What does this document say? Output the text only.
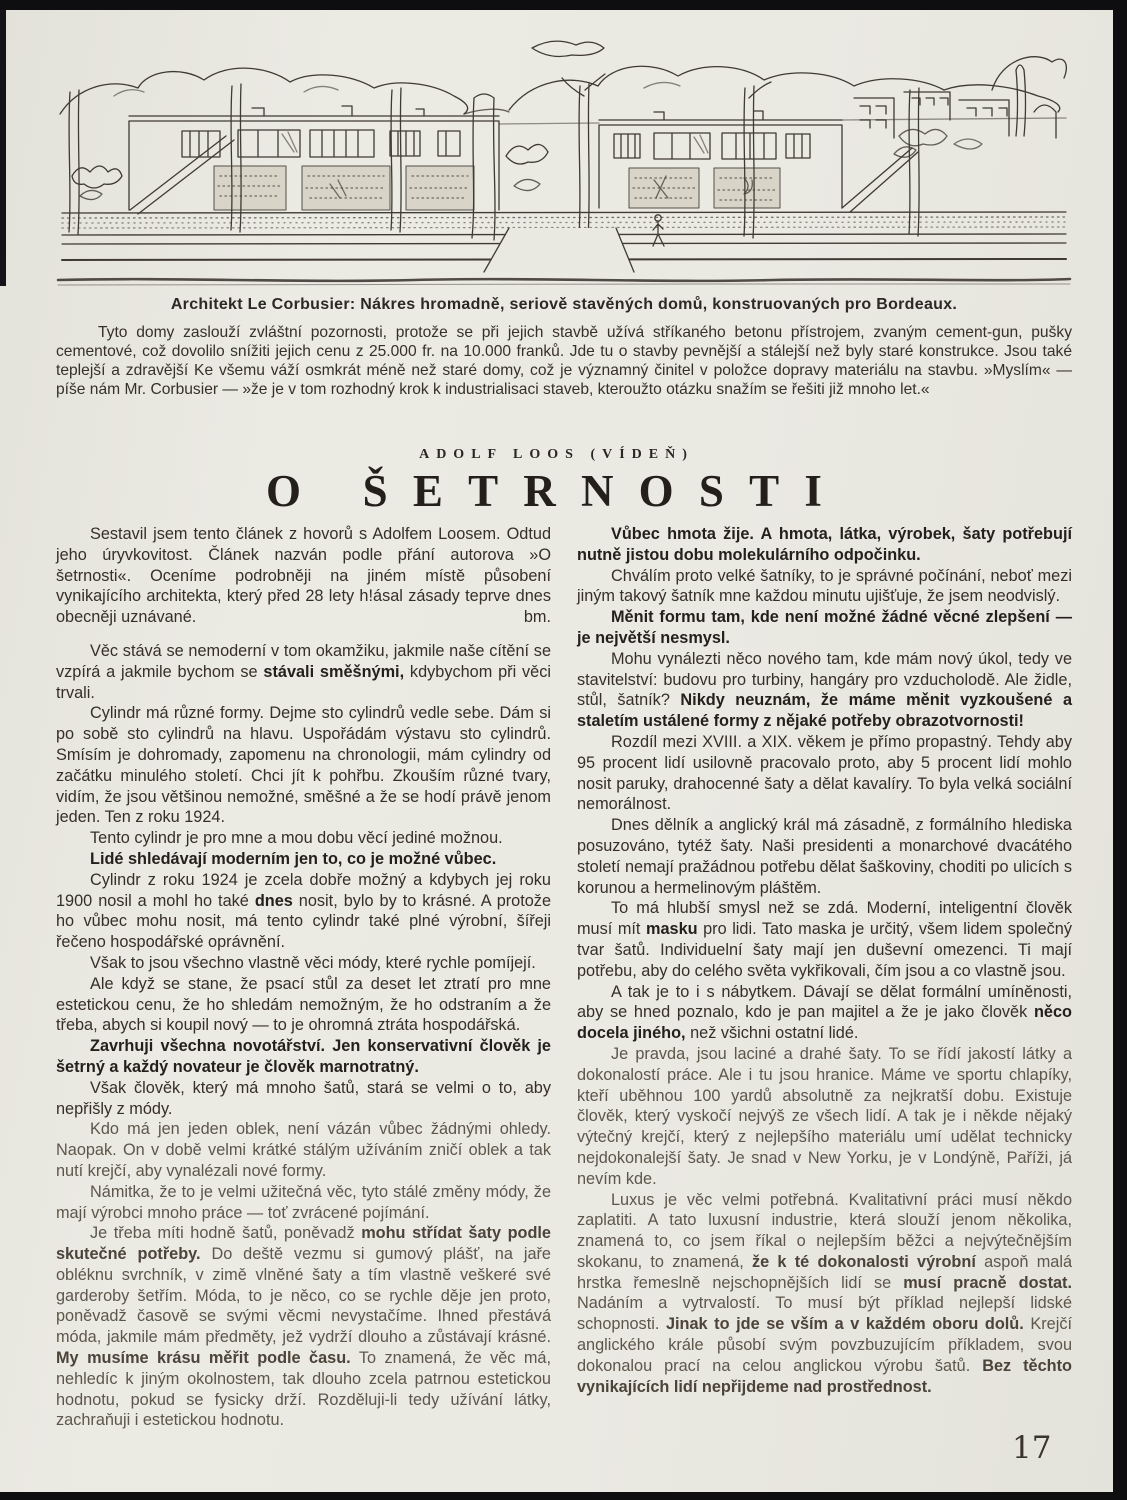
Architekt Le Corbusier: Nákres hromadně, seriově stavěných domů, konstruovaných pro Bordeaux.

Tyto domy zaslouží zvláštní pozornosti, protože se při jejich stavbě užívá stříkaného betonu přístrojem, zvaným cement-gun, pušky cementové, což dovolilo snížiti jejich cenu z 25.000 fr. na 10.000 franků. Jde tu o stavby pevnější a stálejší než byly staré konstrukce. Jsou také teplejší a zdravější Ke všemu váží osmkrát méně než staré domy, což je významný činitel v položce dopravy materiálu na stavbu. »Myslím« — píše nám Mr. Corbusier — »že je v tom rozhodný krok k industrialisaci staveb, kteroužto otázku snažím se řešiti již mnoho let.«

ADOLF LOOS (VÍDEŇ)
O ŠETRNOSTI

Sestavil jsem tento článek z hovorů s Adolfem Loosem. Odtud jeho úryvkovitost. Článek nazván podle přání autorova »O šetrnosti«. Oceníme podrobněji na jiném místě působení vynikajícího architekta, který před 28 lety h!ásal zásady teprve dnes obecněji uznávané.	bm.

Věc stává se nemoderní v tom okamžiku, jakmile naše cítění se vzpírá a jakmile bychom se stávali směšnými, kdybychom při věci trvali.

Cylindr má různé formy. Dejme sto cylindrů vedle sebe. Dám si po sobě sto cylindrů na hlavu. Uspořádám výstavu sto cylindrů. Smísím je dohromady, zapomenu na chronologii, mám cylindry od začátku minulého století. Chci jít k pohřbu. Zkouším různé tvary, vidím, že jsou většinou nemožné, směšné a že se hodí právě jenom jeden. Ten z roku 1924.

Tento cylindr je pro mne a mou dobu věcí jediné možnou.

Lidé shledávají moderním jen to, co je možné vůbec.

Cylindr z roku 1924 je zcela dobře možný a kdybych jej roku 1900 nosil a mohl ho také dnes nosit, bylo by to krásné. A protože ho vůbec mohu nosit, má tento cylindr také plné výrobní, šířeji řečeno hospodářské oprávnění.

Však to jsou všechno vlastně věci módy, které rychle pomíjejí.

Ale když se stane, že psací stůl za deset let ztratí pro mne estetickou cenu, že ho shledám nemožným, že ho odstraním a že třeba, abych si koupil nový — to je ohromná ztráta hospodářská.

Zavrhuji všechna novotářství. Jen konservativní člověk je šetrný a každý novateur je člověk marnotratný.

Však člověk, který má mnoho šatů, stará se velmi o to, aby nepřišly z módy.

Kdo má jen jeden oblek, není vázán vůbec žádnými ohledy. Naopak. On v době velmi krátké stálým užíváním zničí oblek a tak nutí krejčí, aby vynalézali nové formy.

Námitka, že to je velmi užitečná věc, tyto stálé změny módy, že mají výrobci mnoho práce — toť zvrácené pojímání.

Je třeba míti hodně šatů, poněvadž mohu střídat šaty podle skutečné potřeby. Do deště vezmu si gumový plášť, na jaře obléknu svrchník, v zimě vlněné šaty a tím vlastně veškeré své garderoby šetřím. Móda, to je něco, co se rychle děje jen proto, poněvadž časově se svými věcmi nevystačíme. Ihned přestává móda, jakmile mám předměty, jež vydrží dlouho a zůstávají krásné. My musíme krásu měřit podle času. To znamená, že věc má, nehledíc k jiným okolnostem, tak dlouho zcela patrnou estetickou hodnotu, pokud se fysicky drží. Rozděluji-li tedy užívání látky, zachraňuji i estetickou hodnotu.

Vůbec hmota žije. A hmota, látka, výrobek, šaty potřebují nutně jistou dobu molekulárního odpočinku.

Chválím proto velké šatníky, to je správné počínání, neboť mezi jiným takový šatník mne každou minutu ujišťuje, že jsem neodvislý.

Měnit formu tam, kde není možné žádné věcné zlepšení — je největší nesmysl.

Mohu vynálezti něco nového tam, kde mám nový úkol, tedy ve stavitelství: budovu pro turbiny, hangáry pro vzducholodě. Ale židle, stůl, šatník? Nikdy neuznám, že máme měnit vyzkoušené a staletím ustálené formy z nějaké potřeby obrazotvornosti!

Rozdíl mezi XVIII. a XIX. věkem je přímo propastný. Tehdy aby 95 procent lidí usilovně pracovalo proto, aby 5 procent lidí mohlo nosit paruky, drahocenné šaty a dělat kavalíry. To byla velká sociální nemorálnost.

Dnes dělník a anglický král má zásadně, z formálního hlediska posuzováno, tytéž šaty. Naši presidenti a monarchové dvacátého století nemají pražádnou potřebu dělat šaškoviny, choditi po ulicích s korunou a hermelinovým pláštěm.

To má hlubší smysl než se zdá. Moderní, inteligentní člověk musí mít masku pro lidi. Tato maska je určitý, všem lidem společný tvar šatů. Individuelní šaty mají jen duševní omezenci. Ti mají potřebu, aby do celého světa vykřikovali, čím jsou a co vlastně jsou.

A tak je to i s nábytkem. Dávají se dělat formální umíněnosti, aby se hned poznalo, kdo je pan majitel a že je jako člověk něco docela jiného, než všichni ostatní lidé.

Je pravda, jsou laciné a drahé šaty. To se řídí jakostí látky a dokonalostí práce. Ale i tu jsou hranice. Máme ve sportu chlapíky, kteří uběhnou 100 yardů absolutně za nejkratší dobu. Existuje člověk, který vyskočí nejvýš ze všech lidí. A tak je i někde nějaký výtečný krejčí, který z nejlepšího materiálu umí udělat technicky nejdokonalejší šaty. Je snad v New Yorku, je v Londýně, Paříži, já nevím kde.

Luxus je věc velmi potřebná. Kvalitativní práci musí někdo zaplatiti. A tato luxusní industrie, která slouží jenom několika, znamená to, co jsem říkal o nejlepším běžci a nejvýtečnějším skokanu, to znamená, že k té dokonalosti výrobní aspoň malá hrstka řemeslně nejschopnějších lidí se musí pracně dostat. Nadáním a vytrvalostí. To musí být příklad nejlepší lidské schopnosti. Jinak to jde se vším a v každém oboru dolů. Krejčí anglického krále působí svým povzbuzujícím příkladem, svou dokonalou prací na celou anglickou výrobu šatů. Bez těchto vynikajících lidí nepřijdeme nad prostřednost.

17
